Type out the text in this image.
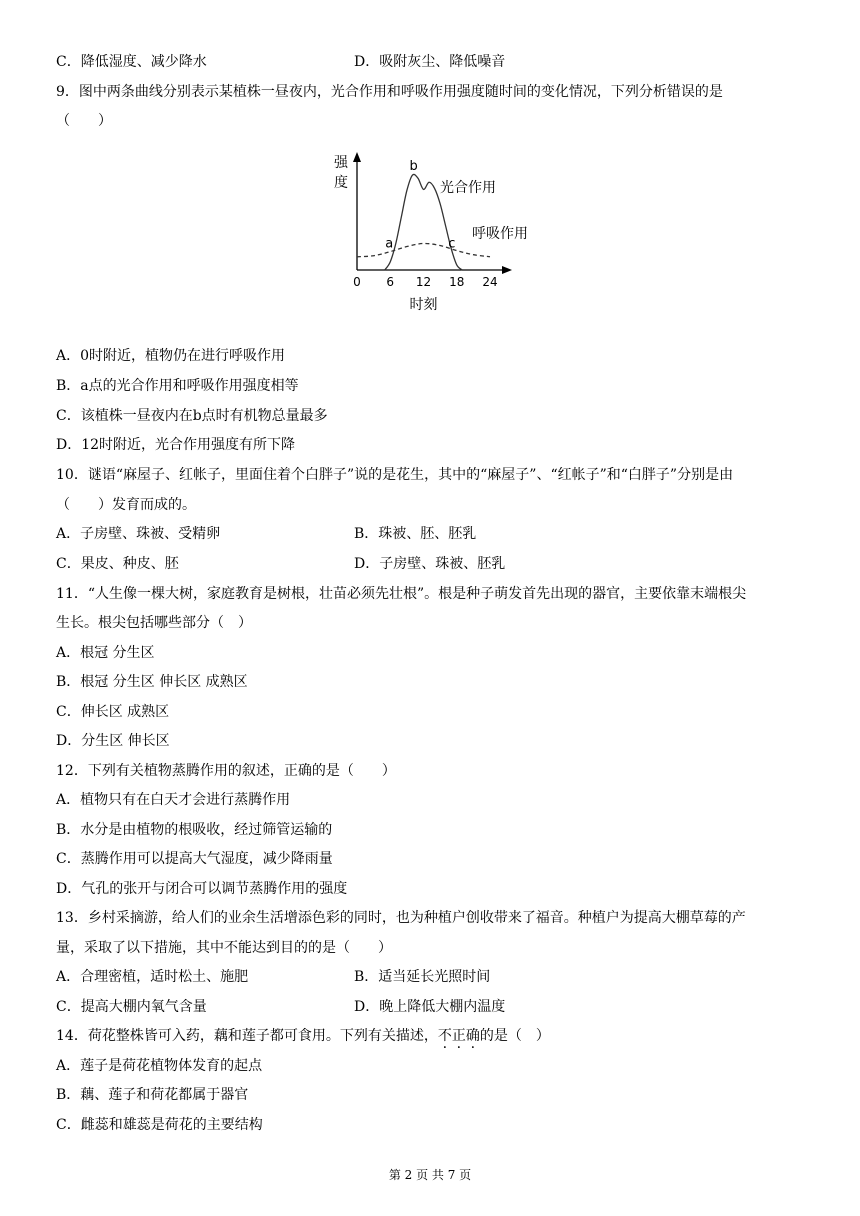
C．降低湿度、减少降水	D．吸附灰尘、降低噪音
9．图中两条曲线分别表示某植株一昼夜内，光合作用和呼吸作用强度随时间的变化情况，下列分析错误的是
（　　）
强
度
0 6 12 18 24
时刻
光合作用
呼吸作用
a
b
c
A．0时附近，植物仍在进行呼吸作用
B．a点的光合作用和呼吸作用强度相等
C．该植株一昼夜内在b点时有机物总量最多
D．12时附近，光合作用强度有所下降
10．谜语“麻屋子、红帐子，里面住着个白胖子”说的是花生，其中的“麻屋子”、“红帐子”和“白胖子”分别是由
（　　）发育而成的。
A．子房壁、珠被、受精卵	B．珠被、胚、胚乳
C．果皮、种皮、胚	D．子房壁、珠被、胚乳
11．“人生像一棵大树，家庭教育是树根，壮苗必须先壮根”。根是种子萌发首先出现的器官，主要依靠末端根尖
生长。根尖包括哪些部分（　）
A．根冠 分生区
B．根冠 分生区 伸长区 成熟区
C．伸长区 成熟区
D．分生区 伸长区
12．下列有关植物蒸腾作用的叙述，正确的是（　　）
A．植物只有在白天才会进行蒸腾作用
B．水分是由植物的根吸收，经过筛管运输的
C．蒸腾作用可以提高大气湿度，减少降雨量
D．气孔的张开与闭合可以调节蒸腾作用的强度
13．乡村采摘游，给人们的业余生活增添色彩的同时，也为种植户创收带来了福音。种植户为提高大棚草莓的产
量，采取了以下措施，其中不能达到目的的是（　　）
A．合理密植，适时松土、施肥	B．适当延长光照时间
C．提高大棚内氧气含量	D．晚上降低大棚内温度
14．荷花整株皆可入药，藕和莲子都可食用。下列有关描述，不正确的是（　）
A．莲子是荷花植物体发育的起点
B．藕、莲子和荷花都属于器官
C．雌蕊和雄蕊是荷花的主要结构
第 2 页 共 7 页
